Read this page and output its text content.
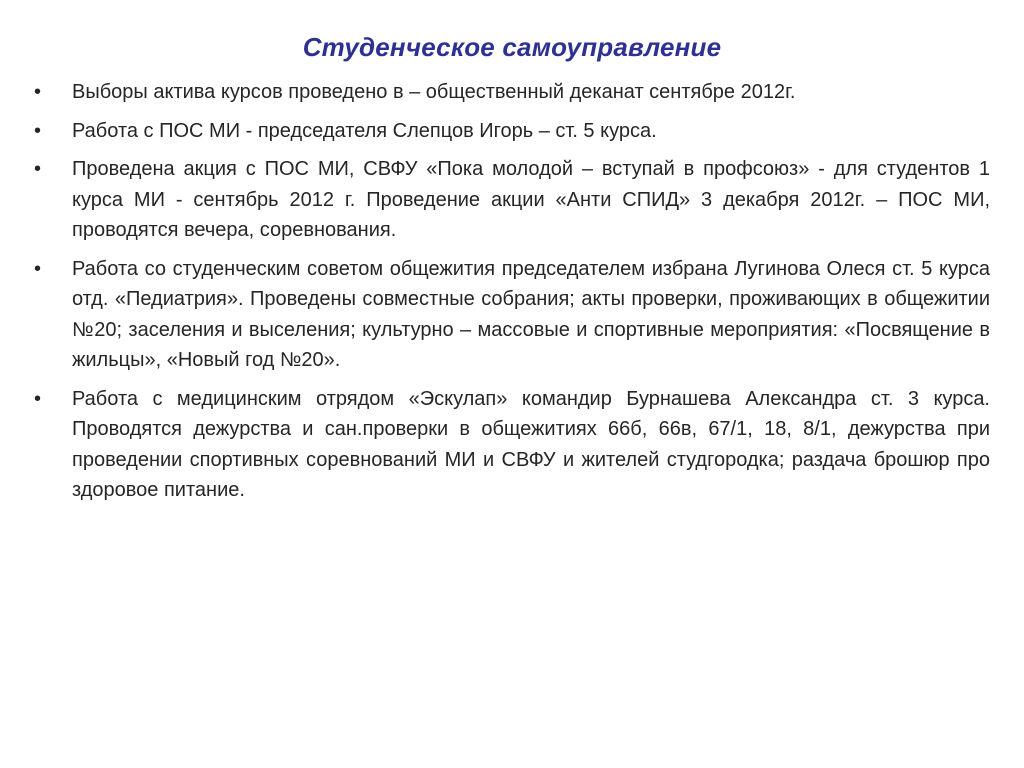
Студенческое самоуправление
•	Выборы актива курсов проведено в – общественный деканат сентябре 2012г.
•	Работа с ПОС МИ - председателя Слепцов Игорь – ст. 5 курса.
•	Проведена акция с ПОС МИ, СВФУ «Пока молодой – вступай в профсоюз» - для студентов 1 курса МИ - сентябрь 2012 г. Проведение акции «Анти СПИД» 3 декабря 2012г. – ПОС МИ, проводятся вечера, соревнования.
•	Работа со студенческим советом общежития председателем избрана Лугинова Олеся ст. 5 курса отд. «Педиатрия». Проведены совместные собрания; акты проверки, проживающих в общежитии №20; заселения и выселения; культурно – массовые и спортивные мероприятия: «Посвящение в жильцы», «Новый год №20».
•	Работа с медицинским отрядом «Эскулап» командир Бурнашева Александра ст. 3 курса. Проводятся дежурства и сан.проверки в общежитиях 66б, 66в, 67/1, 18, 8/1, дежурства при проведении спортивных соревнований МИ и СВФУ и жителей студгородка; раздача брошюр про здоровое питание.
